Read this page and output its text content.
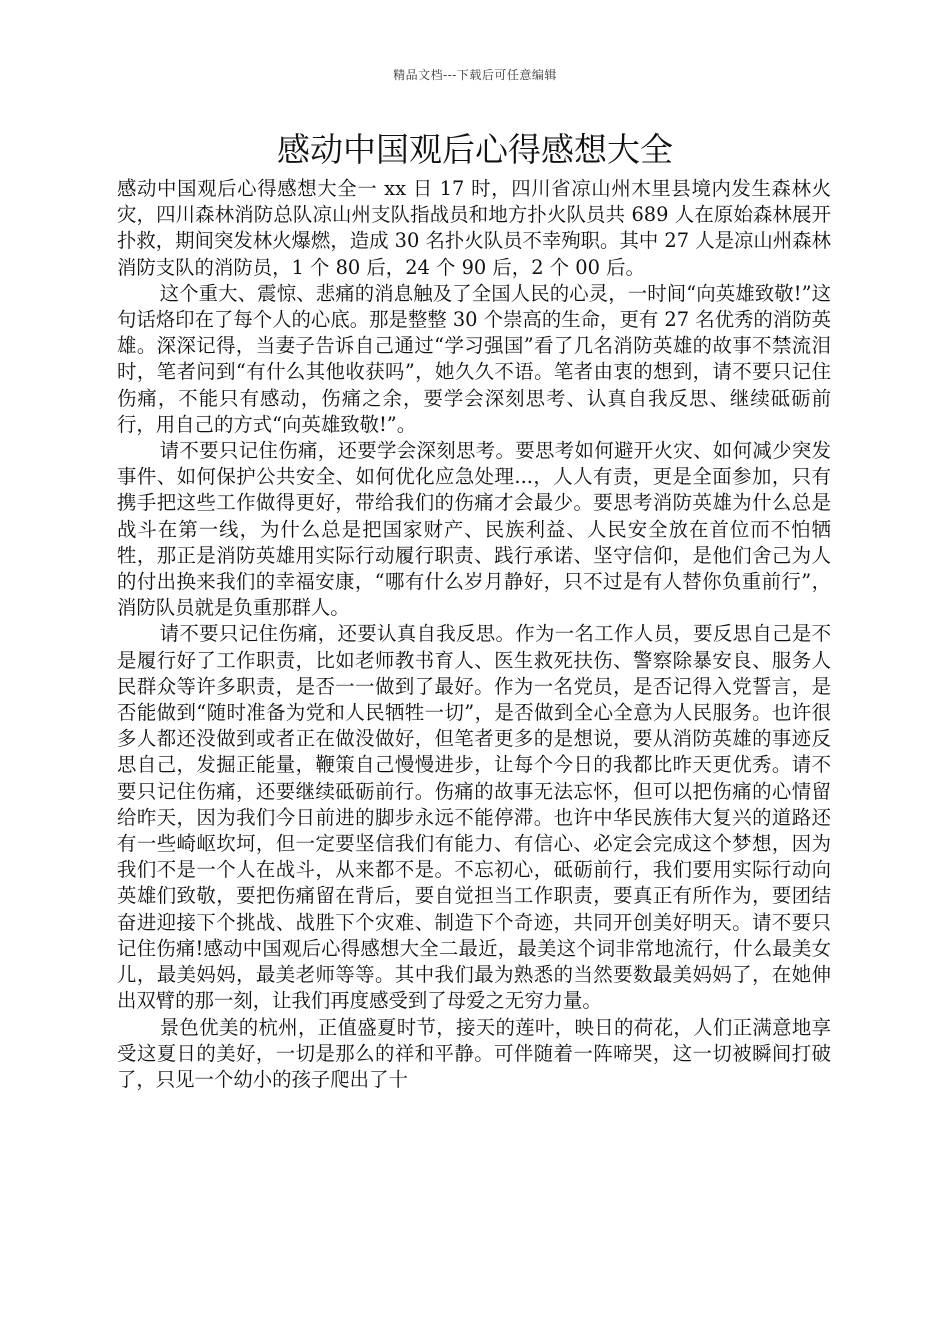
精品文档---下载后可任意编辑
感动中国观后心得感想大全

感动中国观后心得感想大全一 xx 日 17 时，四川省凉山州木里县境内发生森林火灾，四川森林消防总队凉山州支队指战员和地方扑火队员共 689 人在原始森林展开扑救，期间突发林火爆燃，造成 30 名扑火队员不幸殉职。其中 27 人是凉山州森林消防支队的消防员，1 个 80 后，24 个 90 后，2 个 00 后。

这个重大、震惊、悲痛的消息触及了全国人民的心灵，一时间“向英雄致敬!”这句话烙印在了每个人的心底。那是整整 30 个崇高的生命，更有 27 名优秀的消防英雄。深深记得，当妻子告诉自己通过“学习强国”看了几名消防英雄的故事不禁流泪时，笔者问到“有什么其他收获吗”，她久久不语。笔者由衷的想到，请不要只记住伤痛，不能只有感动，伤痛之余，要学会深刻思考、认真自我反思、继续砥砺前行，用自己的方式“向英雄致敬!”。

请不要只记住伤痛，还要学会深刻思考。要思考如何避开火灾、如何减少突发事件、如何保护公共安全、如何优化应急处理...，人人有责，更是全面参加，只有携手把这些工作做得更好，带给我们的伤痛才会最少。要思考消防英雄为什么总是战斗在第一线，为什么总是把国家财产、民族利益、人民安全放在首位而不怕牺牲，那正是消防英雄用实际行动履行职责、践行承诺、坚守信仰，是他们舍己为人的付出换来我们的幸福安康，“哪有什么岁月静好，只不过是有人替你负重前行”，消防队员就是负重那群人。

请不要只记住伤痛，还要认真自我反思。作为一名工作人员，要反思自己是不是履行好了工作职责，比如老师教书育人、医生救死扶伤、警察除暴安良、服务人民群众等许多职责，是否一一做到了最好。作为一名党员，是否记得入党誓言，是否能做到“随时准备为党和人民牺牲一切”，是否做到全心全意为人民服务。也许很多人都还没做到或者正在做没做好，但笔者更多的是想说，要从消防英雄的事迹反思自己，发掘正能量，鞭策自己慢慢进步，让每个今日的我都比昨天更优秀。请不要只记住伤痛，还要继续砥砺前行。伤痛的故事无法忘怀，但可以把伤痛的心情留给昨天，因为我们今日前进的脚步永远不能停滞。也许中华民族伟大复兴的道路还有一些崎岖坎坷，但一定要坚信我们有能力、有信心、必定会完成这个梦想，因为我们不是一个人在战斗，从来都不是。不忘初心，砥砺前行，我们要用实际行动向英雄们致敬，要把伤痛留在背后，要自觉担当工作职责，要真正有所作为，要团结奋进迎接下个挑战、战胜下个灾难、制造下个奇迹，共同开创美好明天。请不要只记住伤痛!感动中国观后心得感想大全二最近，最美这个词非常地流行，什么最美女儿，最美妈妈，最美老师等等。其中我们最为熟悉的当然要数最美妈妈了，在她伸出双臂的那一刻，让我们再度感受到了母爱之无穷力量。

景色优美的杭州，正值盛夏时节，接天的莲叶，映日的荷花，人们正满意地享受这夏日的美好，一切是那么的祥和平静。可伴随着一阵啼哭，这一切被瞬间打破了，只见一个幼小的孩子爬出了十
